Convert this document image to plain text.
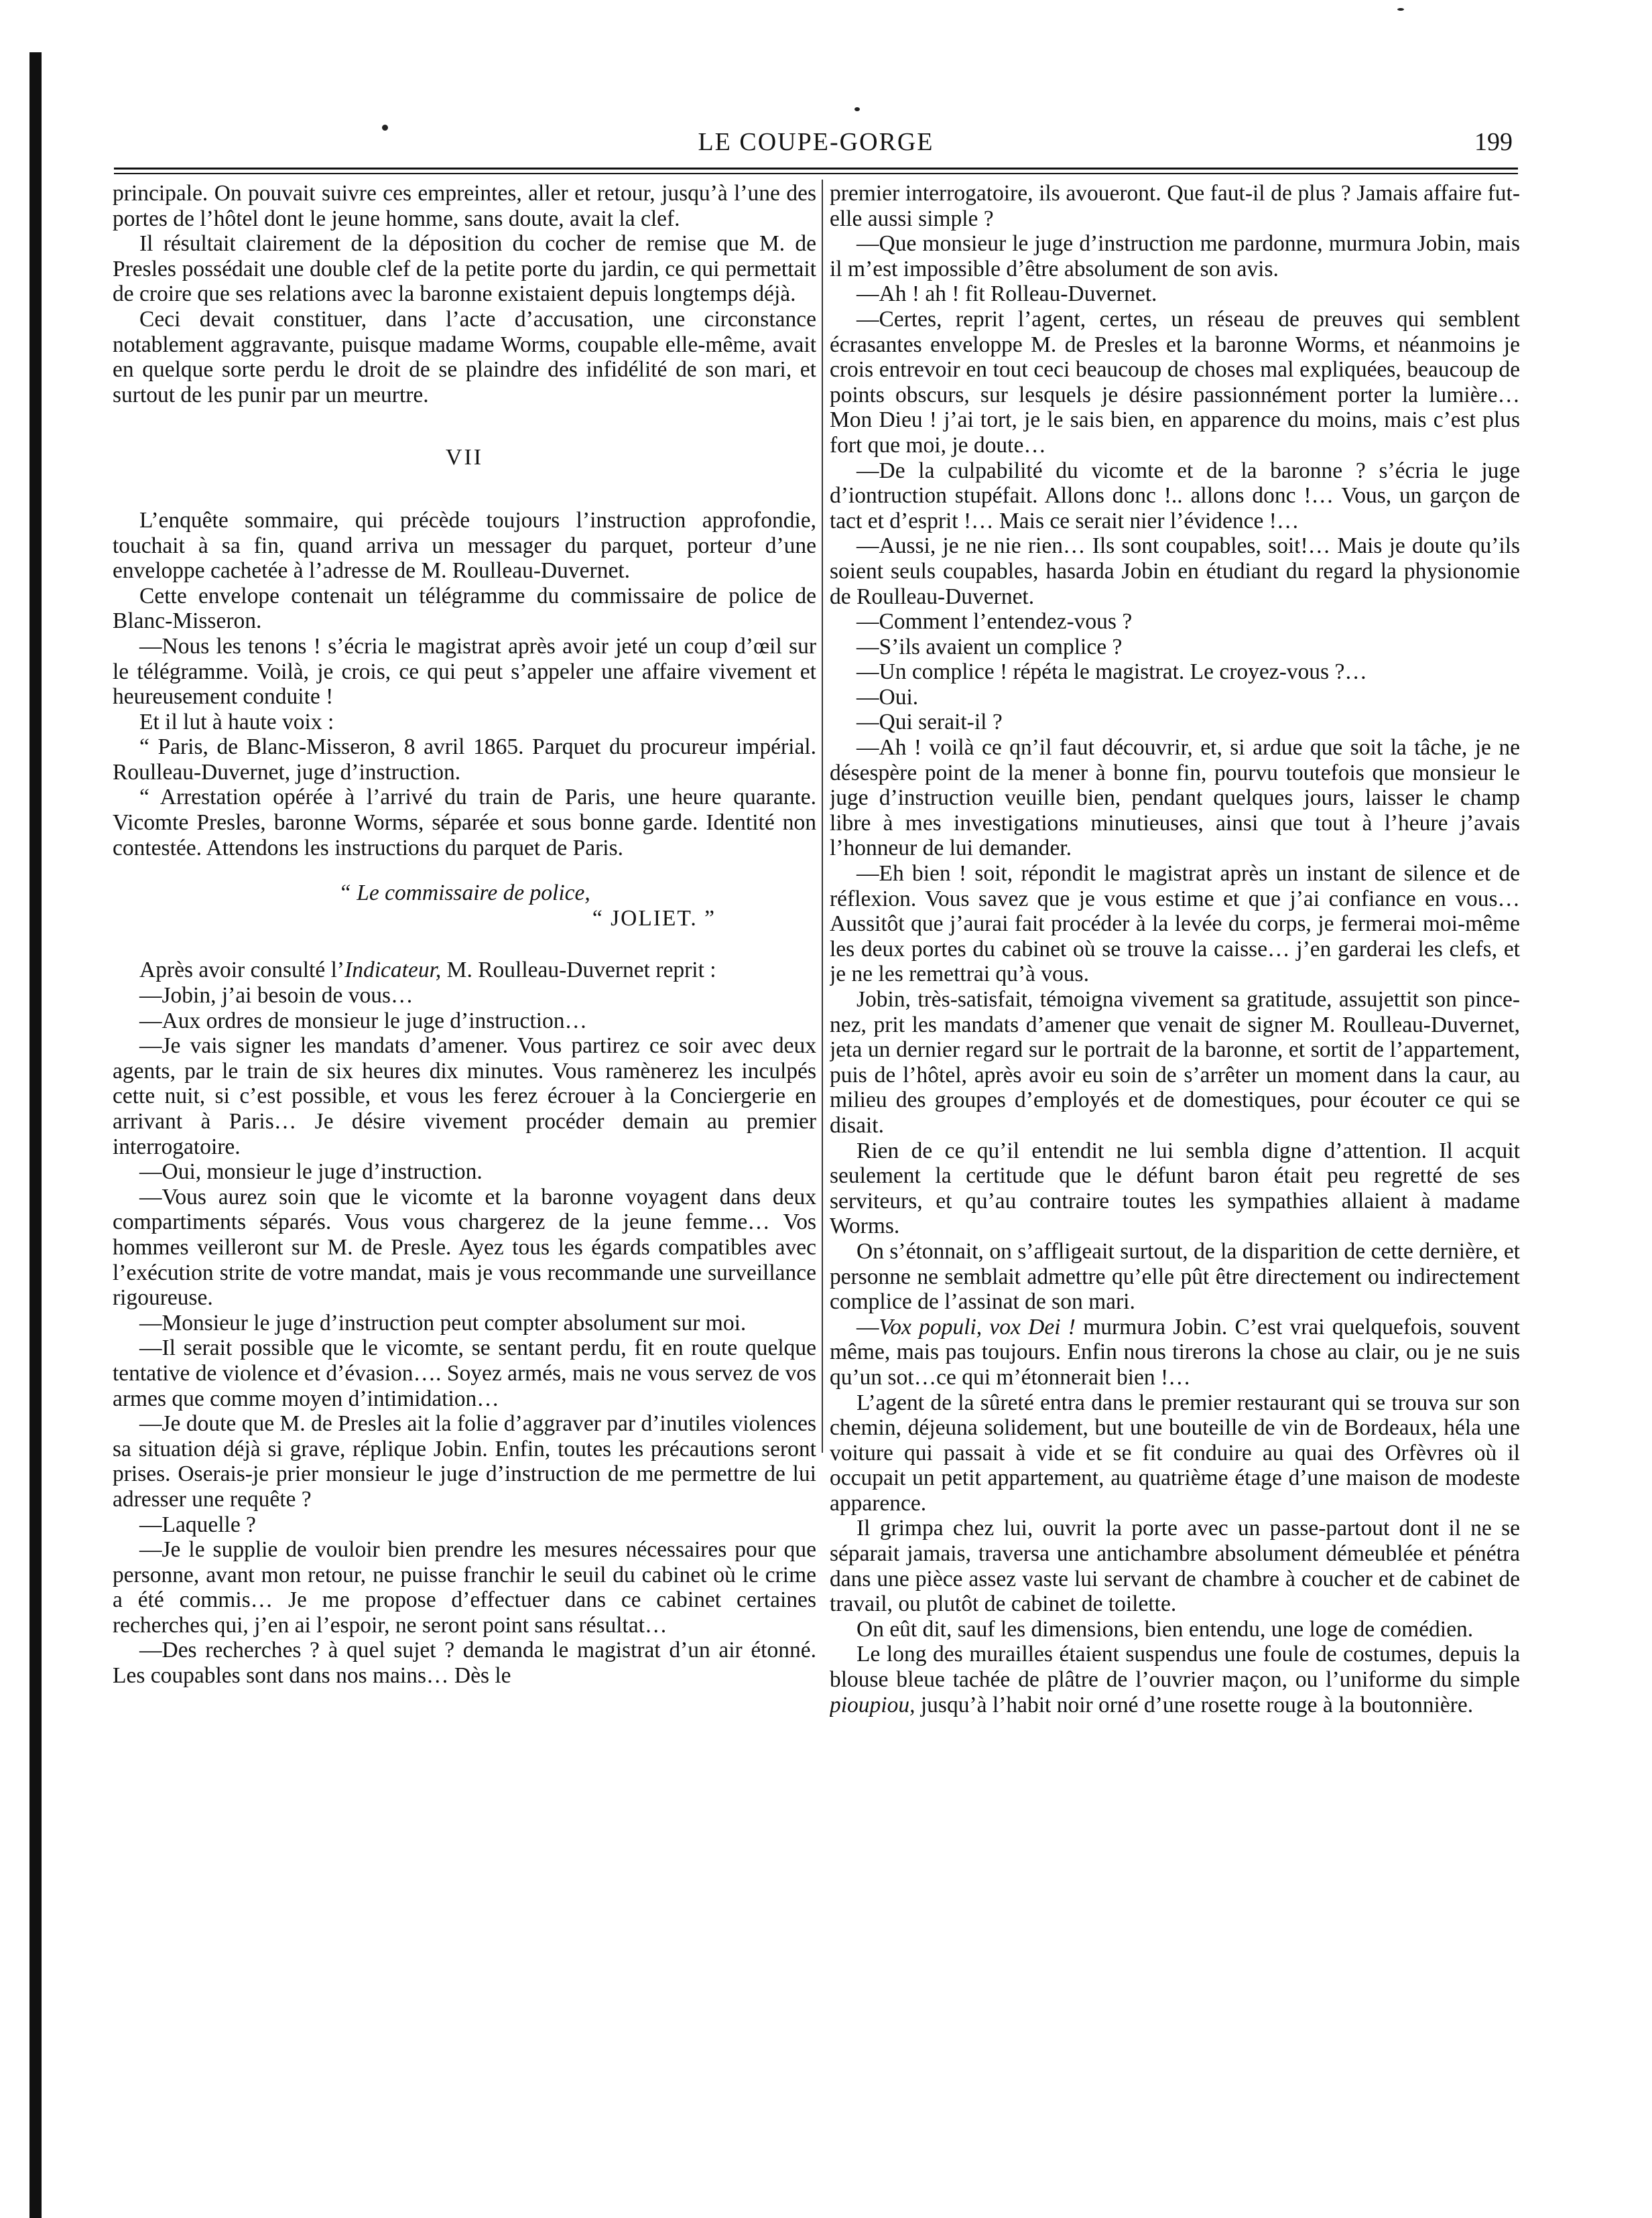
LE COUPE-GORGE	199

principale. On pouvait suivre ces empreintes, aller et retour, jusqu’à l’une des portes de l’hôtel dont le jeune homme, sans doute, avait la clef.

Il résultait clairement de la déposition du cocher de remise que M. de Presles possédait une double clef de la petite porte du jardin, ce qui permettait de croire que ses relations avec la baronne existaient depuis longtemps déjà.

Ceci devait constituer, dans l’acte d’accusation, une circonstance notablement aggravante, puisque madame Worms, coupable elle-même, avait en quelque sorte perdu le droit de se plaindre des infidélité de son mari, et surtout de les punir par un meurtre.

VII

L’enquête sommaire, qui précède toujours l’instruction approfondie, touchait à sa fin, quand arriva un messager du parquet, porteur d’une enveloppe cachetée à l’adresse de M. Roulleau-Duvernet.

Cette envelope contenait un télégramme du commissaire de police de Blanc-Misseron.

—Nous les tenons ! s’écria le magistrat après avoir jeté un coup d’œil sur le télégramme. Voilà, je crois, ce qui peut s’appeler une affaire vivement et heureusement conduite !

Et il lut à haute voix :

“ Paris, de Blanc-Misseron, 8 avril 1865. Parquet du procureur impérial. Roulleau-Duvernet, juge d’instruction.

“ Arrestation opérée à l’arrivé du train de Paris, une heure quarante. Vicomte Presles, baronne Worms, séparée et sous bonne garde. Identité non contestée. Attendons les instructions du parquet de Paris.

“ Le commissaire de police,
“ JOLIET. ”

Après avoir consulté l’Indicateur, M. Roulleau-Duvernet reprit :

—Jobin, j’ai besoin de vous…

—Aux ordres de monsieur le juge d’instruction…

—Je vais signer les mandats d’amener. Vous partirez ce soir avec deux agents, par le train de six heures dix minutes. Vous ramènerez les inculpés cette nuit, si c’est possible, et vous les ferez écrouer à la Conciergerie en arrivant à Paris… Je désire vivement procéder demain au premier interrogatoire.

—Oui, monsieur le juge d’instruction.

—Vous aurez soin que le vicomte et la baronne voyagent dans deux compartiments séparés. Vous vous chargerez de la jeune femme… Vos hommes veilleront sur M. de Presle. Ayez tous les égards compatibles avec l’exécution strite de votre mandat, mais je vous recommande une surveillance rigoureuse.

—Monsieur le juge d’instruction peut compter absolument sur moi.

—Il serait possible que le vicomte, se sentant perdu, fit en route quelque tentative de violence et d’évasion…. Soyez armés, mais ne vous servez de vos armes que comme moyen d’intimidation…

—Je doute que M. de Presles ait la folie d’aggraver par d’inutiles violences sa situation déjà si grave, réplique Jobin. Enfin, toutes les précautions seront prises. Oserais-je prier monsieur le juge d’instruction de me permettre de lui adresser une requête ?

—Laquelle ?

—Je le supplie de vouloir bien prendre les mesures nécessaires pour que personne, avant mon retour, ne puisse franchir le seuil du cabinet où le crime a été commis… Je me propose d’effectuer dans ce cabinet certaines recherches qui, j’en ai l’espoir, ne seront point sans résultat…

—Des recherches ? à quel sujet ? demanda le magistrat d’un air étonné. Les coupables sont dans nos mains… Dès le

premier interrogatoire, ils avoueront. Que faut-il de plus ? Jamais affaire fut-elle aussi simple ?

—Que monsieur le juge d’instruction me pardonne, murmura Jobin, mais il m’est impossible d’être absolument de son avis.

—Ah ! ah ! fit Rolleau-Duvernet.

—Certes, reprit l’agent, certes, un réseau de preuves qui semblent écrasantes enveloppe M. de Presles et la baronne Worms, et néanmoins je crois entrevoir en tout ceci beaucoup de choses mal expliquées, beaucoup de points obscurs, sur lesquels je désire passionnément porter la lumière… Mon Dieu ! j’ai tort, je le sais bien, en apparence du moins, mais c’est plus fort que moi, je doute…

—De la culpabilité du vicomte et de la baronne ? s’écria le juge d’iontruction stupéfait. Allons donc !.. allons donc !… Vous, un garçon de tact et d’esprit !… Mais ce serait nier l’évidence !…

—Aussi, je ne nie rien… Ils sont coupables, soit!… Mais je doute qu’ils soient seuls coupables, hasarda Jobin en étudiant du regard la physionomie de Roulleau-Duvernet.

—Comment l’entendez-vous ?

—S’ils avaient un complice ?

—Un complice ! répéta le magistrat. Le croyez-vous ?…

—Oui.

—Qui serait-il ?

—Ah ! voilà ce qn’il faut découvrir, et, si ardue que soit la tâche, je ne désespère point de la mener à bonne fin, pourvu toutefois que monsieur le juge d’instruction veuille bien, pendant quelques jours, laisser le champ libre à mes investigations minutieuses, ainsi que tout à l’heure j’avais l’honneur de lui demander.

—Eh bien ! soit, répondit le magistrat après un instant de silence et de réflexion. Vous savez que je vous estime et que j’ai confiance en vous…Aussitôt que j’aurai fait procéder à la levée du corps, je fermerai moi-même les deux portes du cabinet où se trouve la caisse… j’en garderai les clefs, et je ne les remettrai qu’à vous.

Jobin, très-satisfait, témoigna vivement sa gratitude, assujettit son pince-nez, prit les mandats d’amener que venait de signer M. Roulleau-Duvernet, jeta un dernier regard sur le portrait de la baronne, et sortit de l’appartement, puis de l’hôtel, après avoir eu soin de s’arrêter un moment dans la caur, au milieu des groupes d’employés et de domestiques, pour écouter ce qui se disait.

Rien de ce qu’il entendit ne lui sembla digne d’attention. Il acquit seulement la certitude que le défunt baron était peu regretté de ses serviteurs, et qu’au contraire toutes les sympathies allaient à madame Worms.

On s’étonnait, on s’affligeait surtout, de la disparition de cette dernière, et personne ne semblait admettre qu’elle pût être directement ou indirectement complice de l’assinat de son mari.

—Vox populi, vox Dei ! murmura Jobin. C’est vrai quelquefois, souvent même, mais pas toujours. Enfin nous tirerons la chose au clair, ou je ne suis qu’un sot…ce qui m’étonnerait bien !…

L’agent de la sûreté entra dans le premier restaurant qui se trouva sur son chemin, déjeuna solidement, but une bouteille de vin de Bordeaux, héla une voiture qui passait à vide et se fit conduire au quai des Orfèvres où il occupait un petit appartement, au quatrième étage d’une maison de modeste apparence.

Il grimpa chez lui, ouvrit la porte avec un passe-partout dont il ne se séparait jamais, traversa une antichambre absolument démeublée et pénétra dans une pièce assez vaste lui servant de chambre à coucher et de cabinet de travail, ou plutôt de cabinet de toilette.

On eût dit, sauf les dimensions, bien entendu, une loge de comédien.

Le long des murailles étaient suspendus une foule de costumes, depuis la blouse bleue tachée de plâtre de l’ouvrier maçon, ou l’uniforme du simple pioupiou, jusqu’à l’habit noir orné d’une rosette rouge à la boutonnière.
